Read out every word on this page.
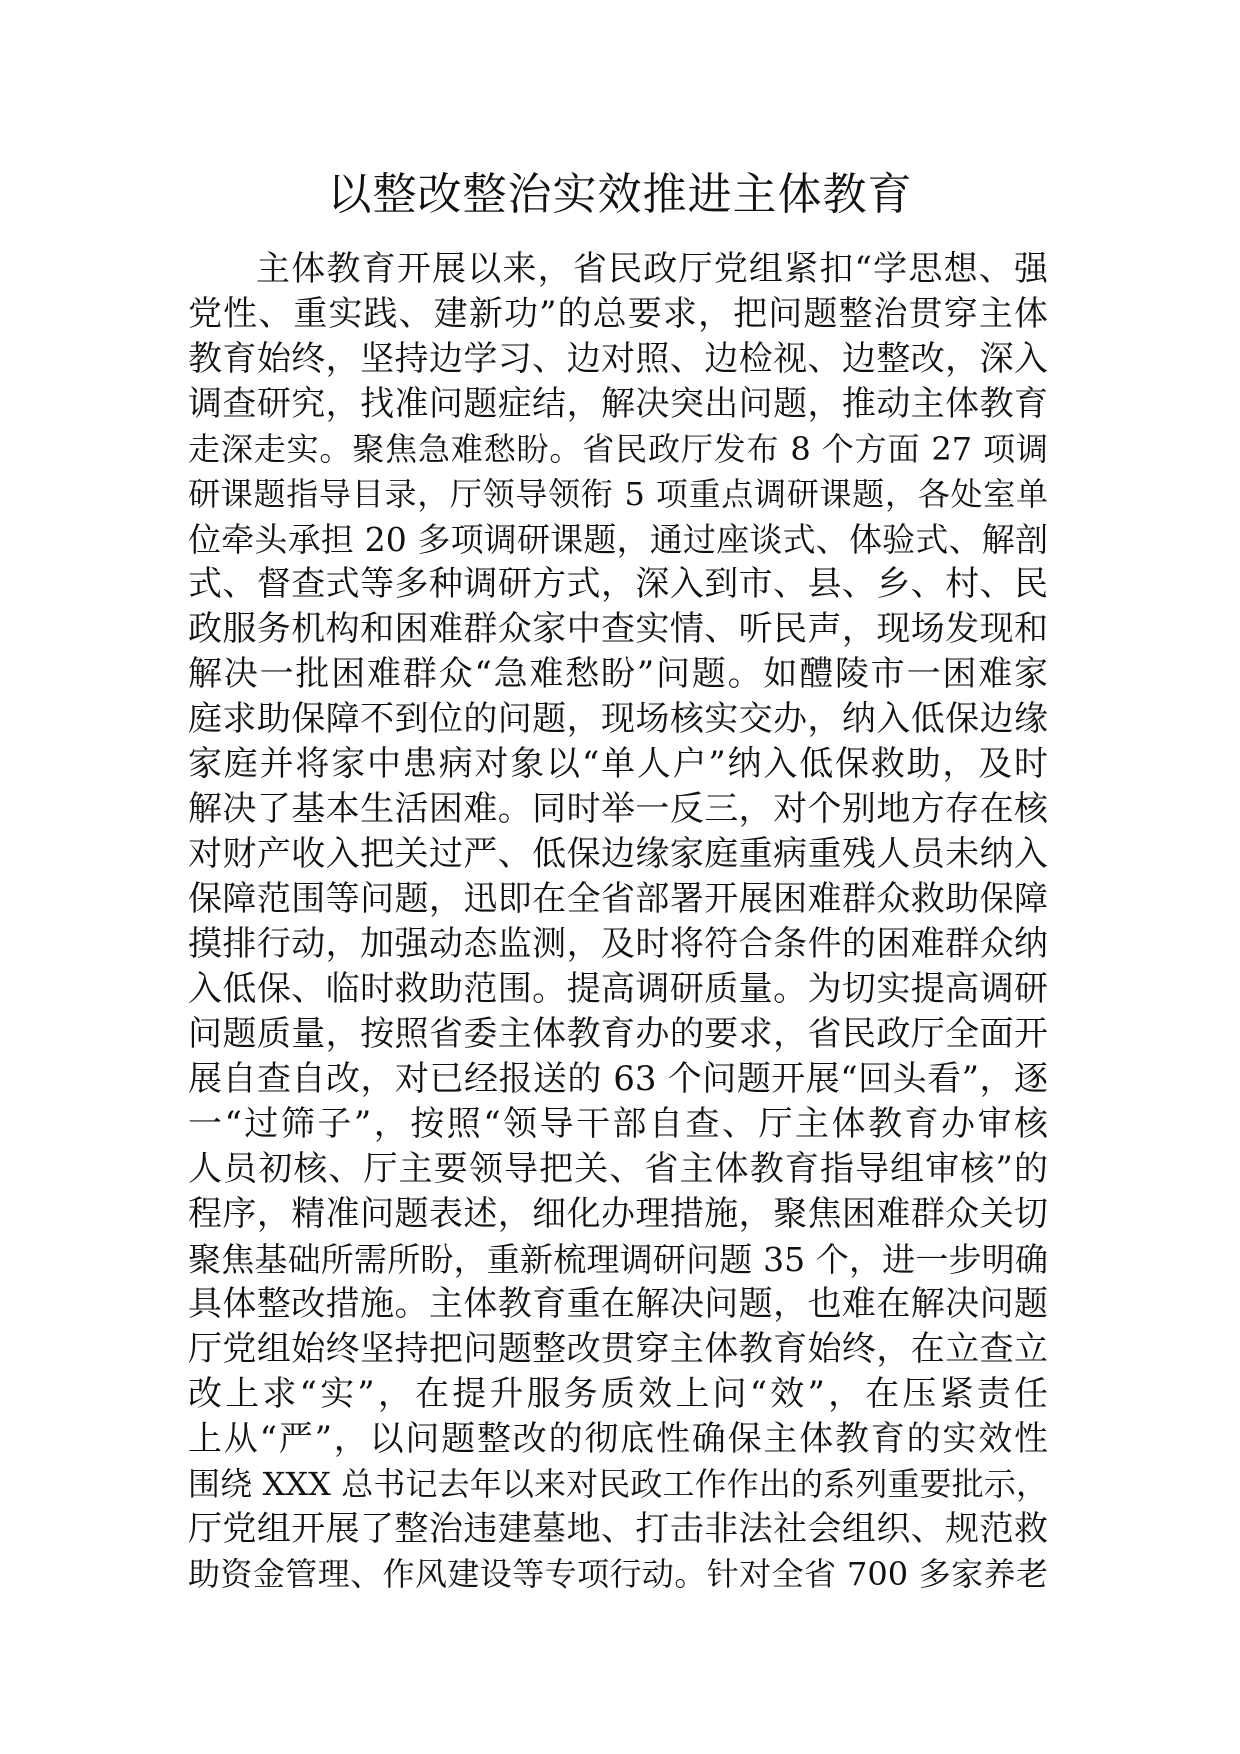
以整改整治实效推进主体教育
主体教育开展以来，省民政厅党组紧扣“学思想、强
党性、重实践、建新功”的总要求，把问题整治贯穿主体
教育始终，坚持边学习、边对照、边检视、边整改，深入
调查研究，找准问题症结，解决突出问题，推动主体教育
走深走实。聚焦急难愁盼。省民政厅发布 8 个方面 27 项调
研课题指导目录，厅领导领衔 5 项重点调研课题，各处室单
位牵头承担 20 多项调研课题，通过座谈式、体验式、解剖
式、督查式等多种调研方式，深入到市、县、乡、村、民
政服务机构和困难群众家中查实情、听民声，现场发现和
解决一批困难群众“急难愁盼”问题。如醴陵市一困难家
庭求助保障不到位的问题，现场核实交办，纳入低保边缘
家庭并将家中患病对象以“单人户”纳入低保救助，及时
解决了基本生活困难。同时举一反三，对个别地方存在核
对财产收入把关过严、低保边缘家庭重病重残人员未纳入
保障范围等问题，迅即在全省部署开展困难群众救助保障
摸排行动，加强动态监测，及时将符合条件的困难群众纳
入低保、临时救助范围。提高调研质量。为切实提高调研
问题质量，按照省委主体教育办的要求，省民政厅全面开
展自查自改，对已经报送的 63 个问题开展“回头看”，逐
一“过筛子”，按照“领导干部自查、厅主体教育办审核
人员初核、厅主要领导把关、省主体教育指导组审核”的
程序，精准问题表述，细化办理措施，聚焦困难群众关切
聚焦基础所需所盼，重新梳理调研问题 35 个，进一步明确
具体整改措施。主体教育重在解决问题，也难在解决问题
厅党组始终坚持把问题整改贯穿主体教育始终，在立查立
改上求“实”，在提升服务质效上问“效”，在压紧责任
上从“严”，以问题整改的彻底性确保主体教育的实效性
围绕 XXX 总书记去年以来对民政工作作出的系列重要批示，
厅党组开展了整治违建墓地、打击非法社会组织、规范救
助资金管理、作风建设等专项行动。针对全省 700 多家养老
